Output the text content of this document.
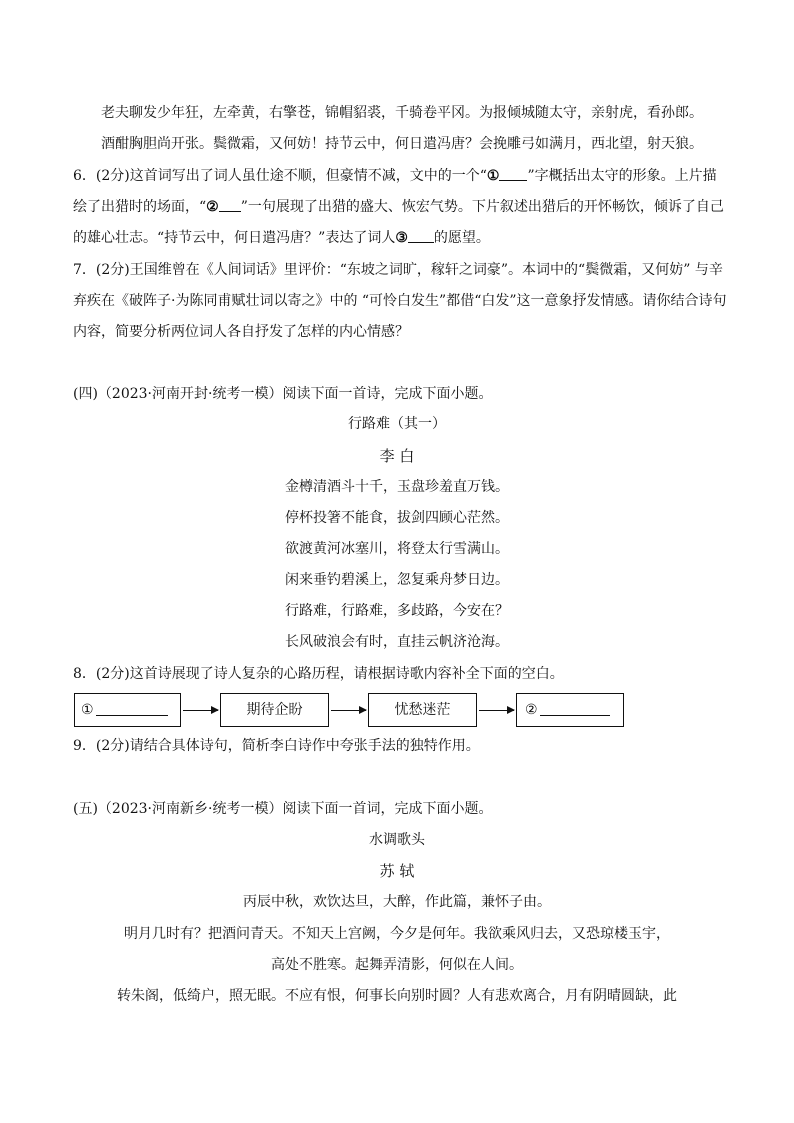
老夫聊发少年狂，左牵黄，右擎苍，锦帽貂裘，千骑卷平冈。为报倾城随太守，亲射虎，看孙郎。
酒酣胸胆尚开张。鬓微霜，又何妨！持节云中，何日遣冯唐？会挽雕弓如满月，西北望，射天狼。
6．(2分)这首词写出了词人虽仕途不顺，但豪情不减，文中的一个“① ”字概括出太守的形象。上片描
绘了出猎时的场面，“② ”一句展现了出猎的盛大、恢宏气势。下片叙述出猎后的开怀畅饮，倾诉了自己
的雄心壮志。“持节云中，何日遣冯唐？”表达了词人③ 的愿望。
7．(2分)王国维曾在《人间词话》里评价：“东坡之词旷，稼轩之词豪”。本词中的“鬓微霜，又何妨” 与辛
弃疾在《破阵子·为陈同甫赋壮词以寄之》中的 “可怜白发生”都借“白发”这一意象抒发情感。请你结合诗句
内容，简要分析两位词人各自抒发了怎样的内心情感？
(四)（2023·河南开封·统考一模）阅读下面一首诗，完成下面小题。
行路难（其一）
李 白
金樽清酒斗十千，玉盘珍羞直万钱。
停杯投箸不能食，拔剑四顾心茫然。
欲渡黄河冰塞川，将登太行雪满山。
闲来垂钓碧溪上，忽复乘舟梦日边。
行路难，行路难，多歧路，今安在？
长风破浪会有时，直挂云帆济沧海。
8．(2分)这首诗展现了诗人复杂的心路历程，请根据诗歌内容补全下面的空白。
①	期待企盼	忧愁迷茫	②
9．(2分)请结合具体诗句，简析李白诗作中夸张手法的独特作用。
(五)（2023·河南新乡·统考一模）阅读下面一首词，完成下面小题。
水调歌头
苏 轼
丙辰中秋，欢饮达旦，大醉，作此篇，兼怀子由。
明月几时有？把酒问青天。不知天上宫阙，今夕是何年。我欲乘风归去，又恐琼楼玉宇，
高处不胜寒。起舞弄清影，何似在人间。
转朱阁，低绮户，照无眠。不应有恨，何事长向别时圆？人有悲欢离合，月有阴晴圆缺，此
